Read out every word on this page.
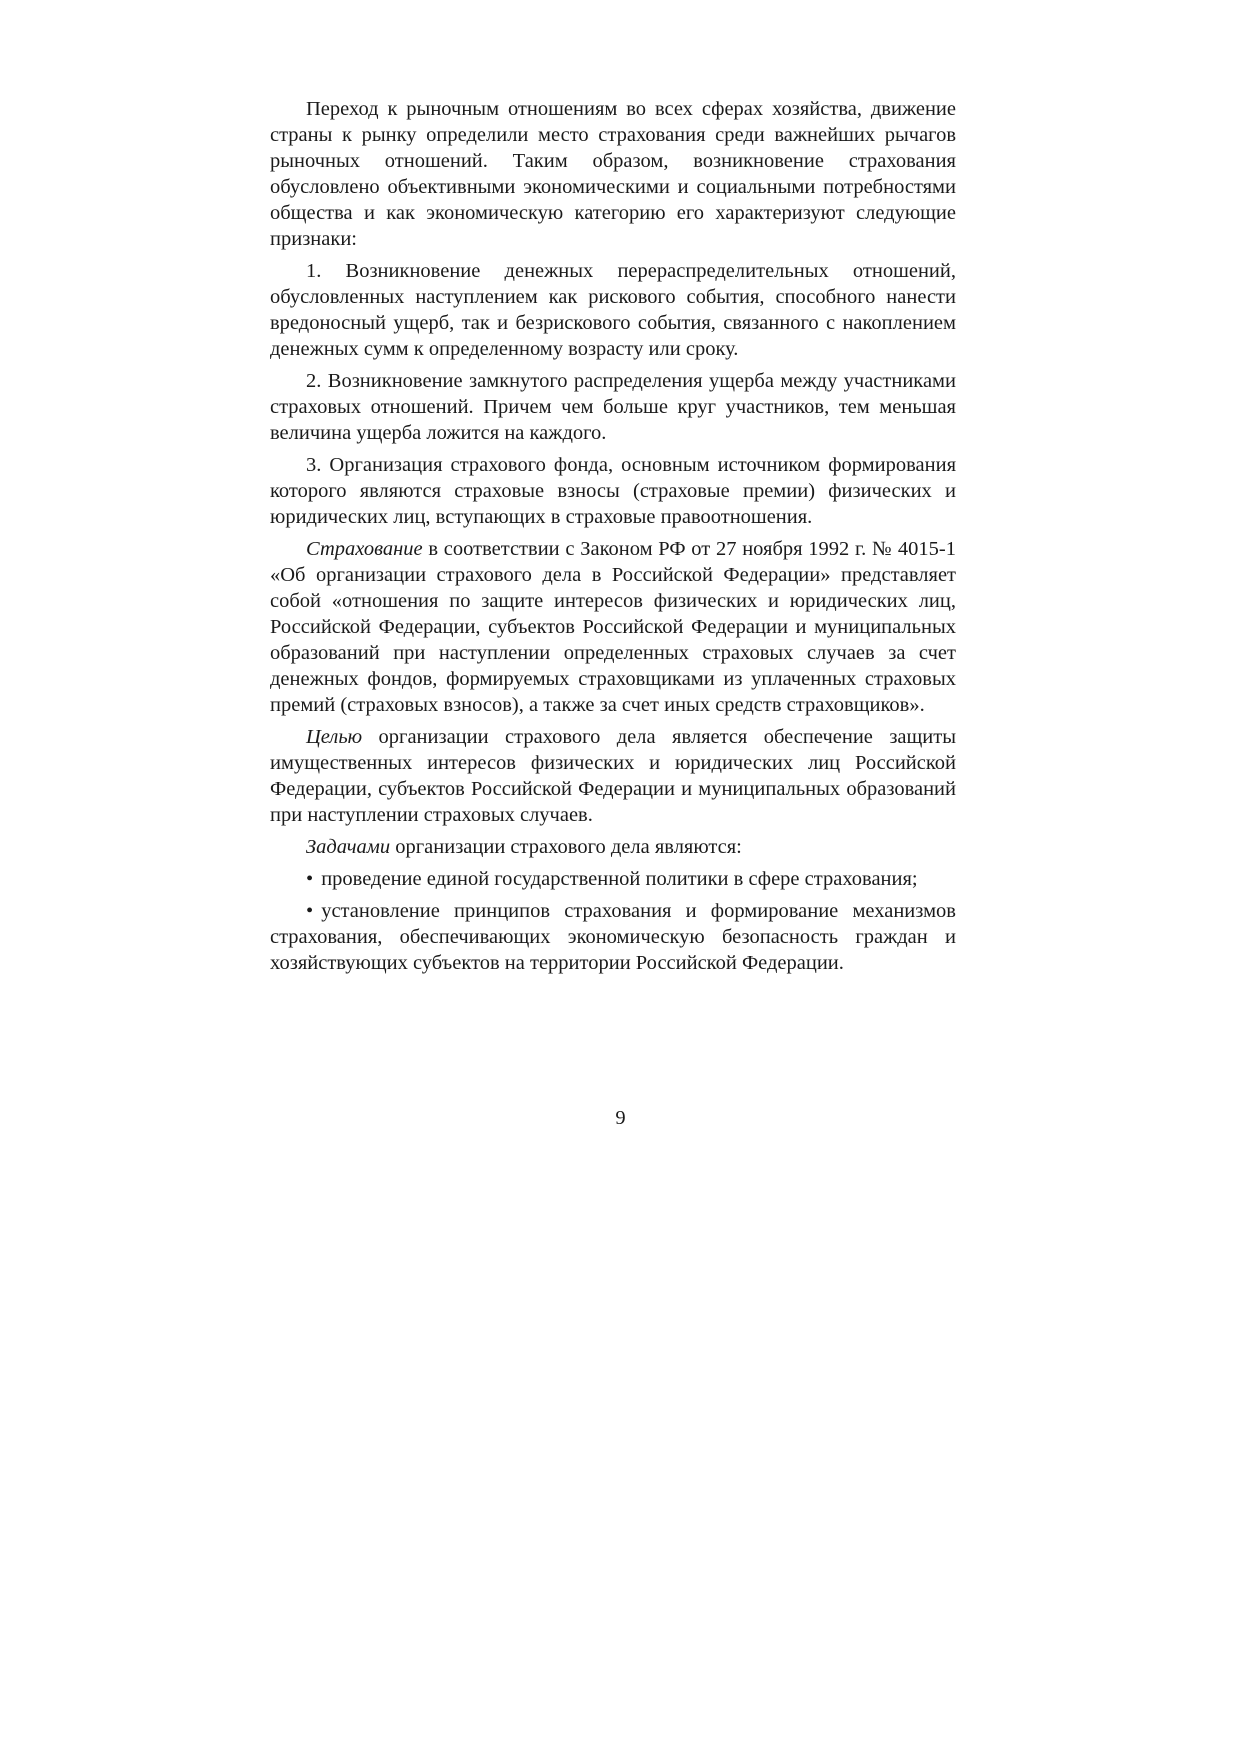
Переход к рыночным отношениям во всех сферах хозяйства, движение страны к рынку определили место страхования среди важнейших рычагов рыночных отношений. Таким образом, возникновение страхования обусловлено объективными экономическими и социальными потребностями общества и как экономическую категорию его характеризуют следующие признаки:

1. Возникновение денежных перераспределительных отношений, обусловленных наступлением как рискового события, способного нанести вредоносный ущерб, так и безрискового события, связанного с накоплением денежных сумм к определенному возрасту или сроку.

2. Возникновение замкнутого распределения ущерба между участниками страховых отношений. Причем чем больше круг участников, тем меньшая величина ущерба ложится на каждого.

3. Организация страхового фонда, основным источником формирования которого являются страховые взносы (страховые премии) физических и юридических лиц, вступающих в страховые правоотношения.

Страхование в соответствии с Законом РФ от 27 ноября 1992 г. № 4015-1 «Об организации страхового дела в Российской Федерации» представляет собой «отношения по защите интересов физических и юридических лиц, Российской Федерации, субъектов Российской Федерации и муниципальных образований при наступлении определенных страховых случаев за счет денежных фондов, формируемых страховщиками из уплаченных страховых премий (страховых взносов), а также за счет иных средств страховщиков».

Целью организации страхового дела является обеспечение защиты имущественных интересов физических и юридических лиц Российской Федерации, субъектов Российской Федерации и муниципальных образований при наступлении страховых случаев.

Задачами организации страхового дела являются:

• проведение единой государственной политики в сфере страхования;

• установление принципов страхования и формирование механизмов страхования, обеспечивающих экономическую безопасность граждан и хозяйствующих субъектов на территории Российской Федерации.

9
